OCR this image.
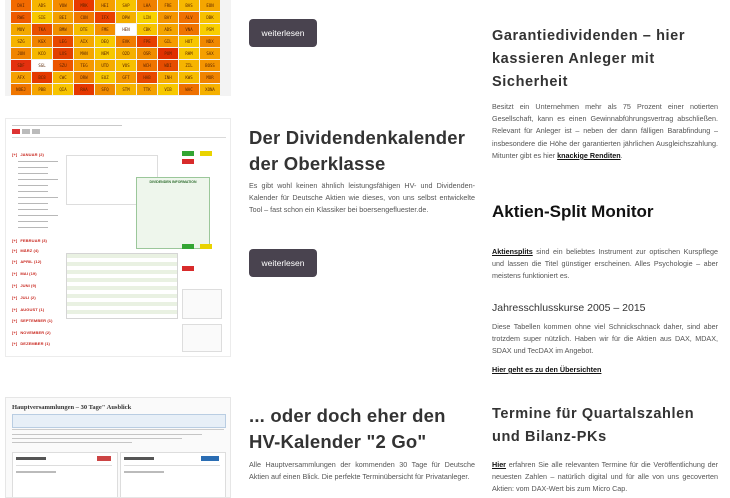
DAI	ADS	VOW	MRK	HEI	SAP	LHA	FRE	BAS	EON
RWE	SIE	BEI	CON	IFX	DPW	LIN	BAY	ALV	DBK
MUV	TKA	BMW	DTE	FME	HEN	CBK	ADS	VNA	PSM
SZG	KGX	LEG	AIX	DEQ	EVK	FPE	GIL	HOT	NDX
JUN	KCO	LXS	MAN	NEM	O2D	OSR	PUM	RHM	SAX
SDF	SGL	SZU	TEG	UTD	VOS	WCH	WDI	ZIL	BOSS
AFX	BC8	CWC	DRW	EUZ	GFT	HAB	INH	KWS	MOR
NOEJ	PBB	QIA	RAA	SFQ	STM	TTK	VIB	WAC	XONA
DIVIDENDEN INFORMATION
[+] JANUAR (2)
[+] FEBRUAR (3)
[+] MÄRZ (4)
[+] APRIL (12)
[+] MAI (19)
[+] JUNI (9)
[+] JULI (2)
[+] AUGUST (1)
[+] SEPTEMBER (1)
[+] NOVEMBER (2)
[+] DEZEMBER (1)
Hauptversammlungen – 30 Tage" Ausblick
weiterlesen
Der Dividendenkalender der Oberklasse
Es gibt wohl keinen ähnlich leistungsfähigen HV- und Dividenden-Kalender für Deutsche Aktien wie dieses, von uns selbst entwickelte Tool – fast schon ein Klassiker bei boersengefluester.de.
weiterlesen
... oder doch eher den HV-Kalender "2 Go"
Alle Hauptversammlungen der kommenden 30 Tage für Deutsche Aktien auf einen Blick. Die perfekte Terminübersicht für Privatanleger.
Garantiedividenden – hier kassieren Anleger mit Sicherheit
Besitzt ein Unternehmen mehr als 75 Prozent einer notierten Gesellschaft, kann es einen Gewinnabführungsvertrag abschließen. Relevant für Anleger ist – neben der dann fälligen Barabfindung – insbesondere die Höhe der garantierten jährlichen Ausgleichszahlung. Mitunter gibt es hier knackige Renditen.
Aktien-Split Monitor
Aktiensplits sind ein beliebtes Instrument zur optischen Kurspflege und lassen die Titel günstiger erscheinen. Alles Psychologie – aber meistens funktioniert es.
Jahresschlusskurse 2005 – 2015
Diese Tabellen kommen ohne viel Schnickschnack daher, sind aber trotzdem super nützlich. Haben wir für die Aktien aus DAX, MDAX, SDAX und TecDAX im Angebot.
Hier geht es zu den Übersichten
Termine für Quartalszahlen und Bilanz-PKs
Hier erfahren Sie alle relevanten Termine für die Veröffentlichung der neuesten Zahlen – natürlich digital und für alle von uns gecoverten Aktien: vom DAX-Wert bis zum Micro Cap.
